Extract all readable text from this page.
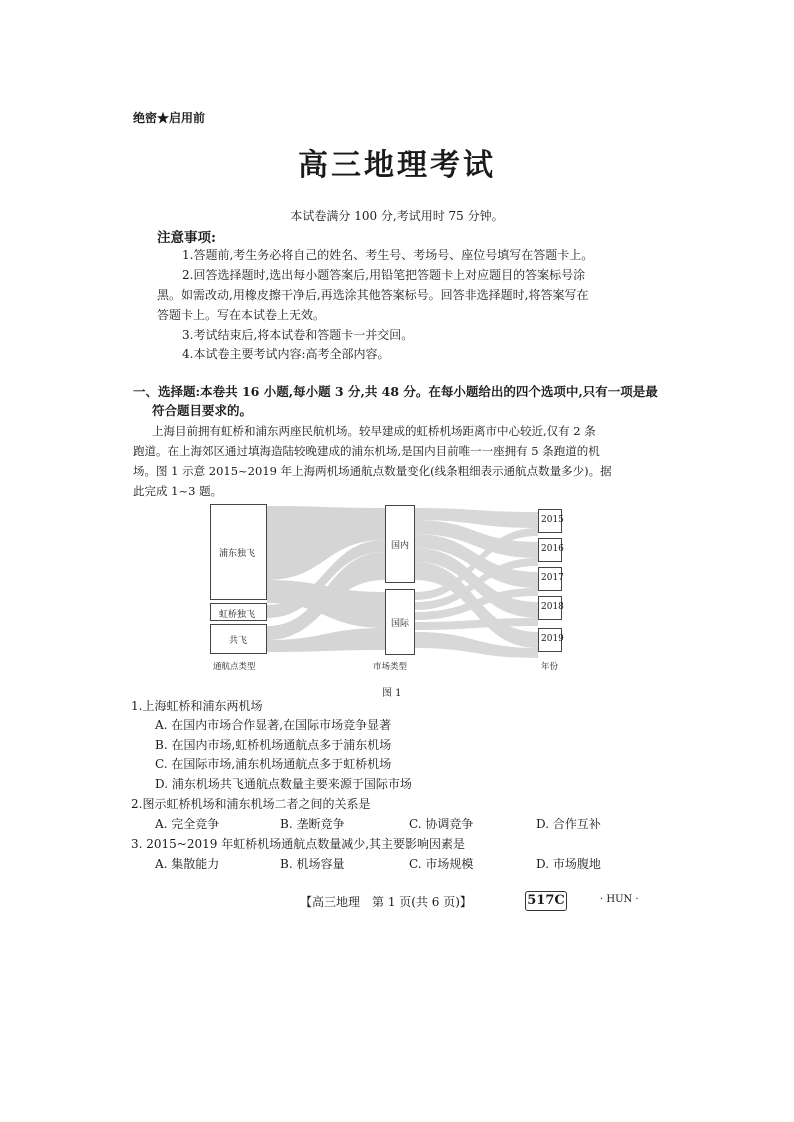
绝密★启用前
高三地理考试
本试卷满分 100 分,考试用时 75 分钟。
注意事项:
1.答题前,考生务必将自己的姓名、考生号、考场号、座位号填写在答题卡上。
2.回答选择题时,选出每小题答案后,用铅笔把答题卡上对应题目的答案标号涂
黑。如需改动,用橡皮擦干净后,再选涂其他答案标号。回答非选择题时,将答案写在
答题卡上。写在本试卷上无效。
3.考试结束后,将本试卷和答题卡一并交回。
4.本试卷主要考试内容:高考全部内容。
一、选择题:本卷共 16 小题,每小题 3 分,共 48 分。在每小题给出的四个选项中,只有一项是最
符合题目要求的。
上海目前拥有虹桥和浦东两座民航机场。较早建成的虹桥机场距离市中心较近,仅有 2 条
跑道。在上海郊区通过填海造陆较晚建成的浦东机场,是国内目前唯一一座拥有 5 条跑道的机
场。图 1 示意 2015~2019 年上海两机场通航点数量变化(线条粗细表示通航点数量多少)。据
此完成 1~3 题。
浦东独飞
虹桥独飞
共飞
国内
国际
2015
2016
2017
2018
2019
通航点类型	市场类型	年份
图 1
1.上海虹桥和浦东两机场
A. 在国内市场合作显著,在国际市场竞争显著
B. 在国内市场,虹桥机场通航点多于浦东机场
C. 在国际市场,浦东机场通航点多于虹桥机场
D. 浦东机场共飞通航点数量主要来源于国际市场
2.图示虹桥机场和浦东机场二者之间的关系是
A. 完全竞争	B. 垄断竞争	C. 协调竞争	D. 合作互补
3. 2015~2019 年虹桥机场通航点数量减少,其主要影响因素是
A. 集散能力	B. 机场容量	C. 市场规模	D. 市场腹地
【高三地理　第 1 页(共 6 页)】	517C	· HUN ·
